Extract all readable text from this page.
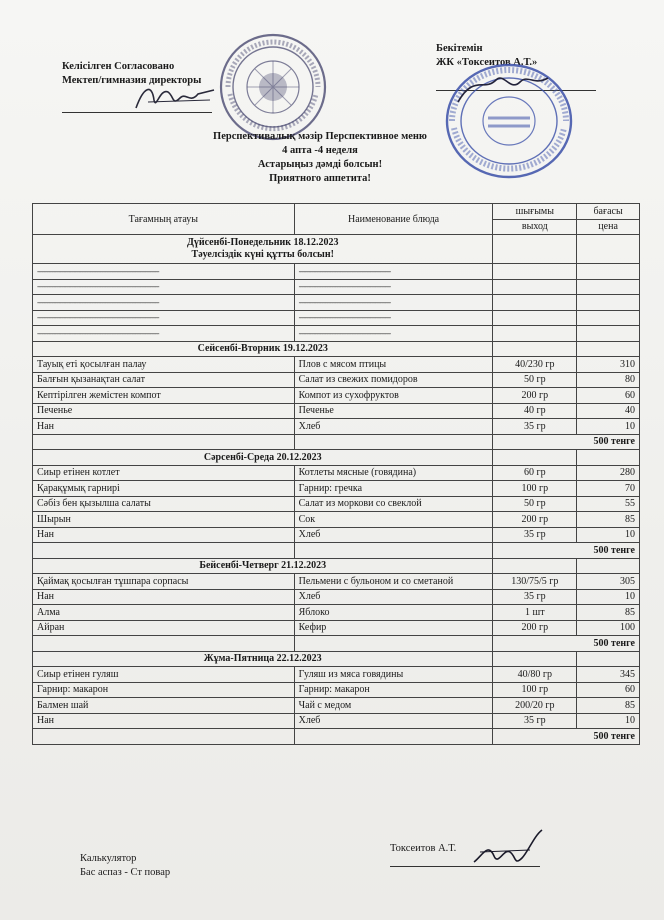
Келісілген Согласовано
Мектеп/гимназия директоры
Бекітемін
ЖК «Токсеитов А.Т.»
Перспективалық мәзір Перспективное меню
4 апта -4 неделя
Астарыңыз дәмді болсын!
Приятного аппетита!
Тағамның атауы	Наименование блюда	шығымы	бағасы
		выход	цена

Дүйсенбі-Понедельник 18.12.2023
Тәуелсіздік күні құтты болсын!			

-------------------------------------------------------------------------	-------------------------------------------------------		
-------------------------------------------------------------------------	-------------------------------------------------------		
-------------------------------------------------------------------------	-------------------------------------------------------		
-------------------------------------------------------------------------	-------------------------------------------------------		
-------------------------------------------------------------------------	-------------------------------------------------------		
Сейсенбі-Вторник 19.12.2023			
Тауық еті қосылған палау	Плов с мясом птицы	40/230 гр	310
Балғын қызанақтан салат	Салат из свежих помидоров	50 гр	80
Кептірілген жемістен компот	Компот из сухофруктов	200 гр	60
Печенье	Печенье	40 гр	40
Нан	Хлеб	35 гр	10
		500 тенге	
Сәрсенбі-Среда 20.12.2023			
Сиыр етінен котлет	Котлеты мясные (говядина)	60 гр	280
Қарақұмық гарниpi	Гарнир: гречка	100 гр	70
Сәбіз бен қызылша салаты	Салат из моркови со свеклой	50 гр	55
Шырын	Сок	200 гр	85
Нан	Хлеб	35 гр	10
		500 тенге	
Бейсенбі-Четверг 21.12.2023			
Қаймақ қосылған тұшпара сорпасы	Пельмени с бульоном и со сметаной	130/75/5 гр	305
Нан	Хлеб	35 гр	10
Алма	Яблоко	1 шт	85
Айран	Кефир	200 гр	100
		500 тенге	
Жұма-Пятница 22.12.2023			
Сиыр етінен гуляш	Гуляш из мяса говядины	40/80 гр	345
Гарнир: макарон	Гарнир: макарон	100 гр	60
Балмен шай	Чай с медом	200/20 гр	85
Нан	Хлеб	35 гр	10
		500 тенге	
Калькулятор
Бас аспаз - Ст повар
Токсеитов А.Т.
